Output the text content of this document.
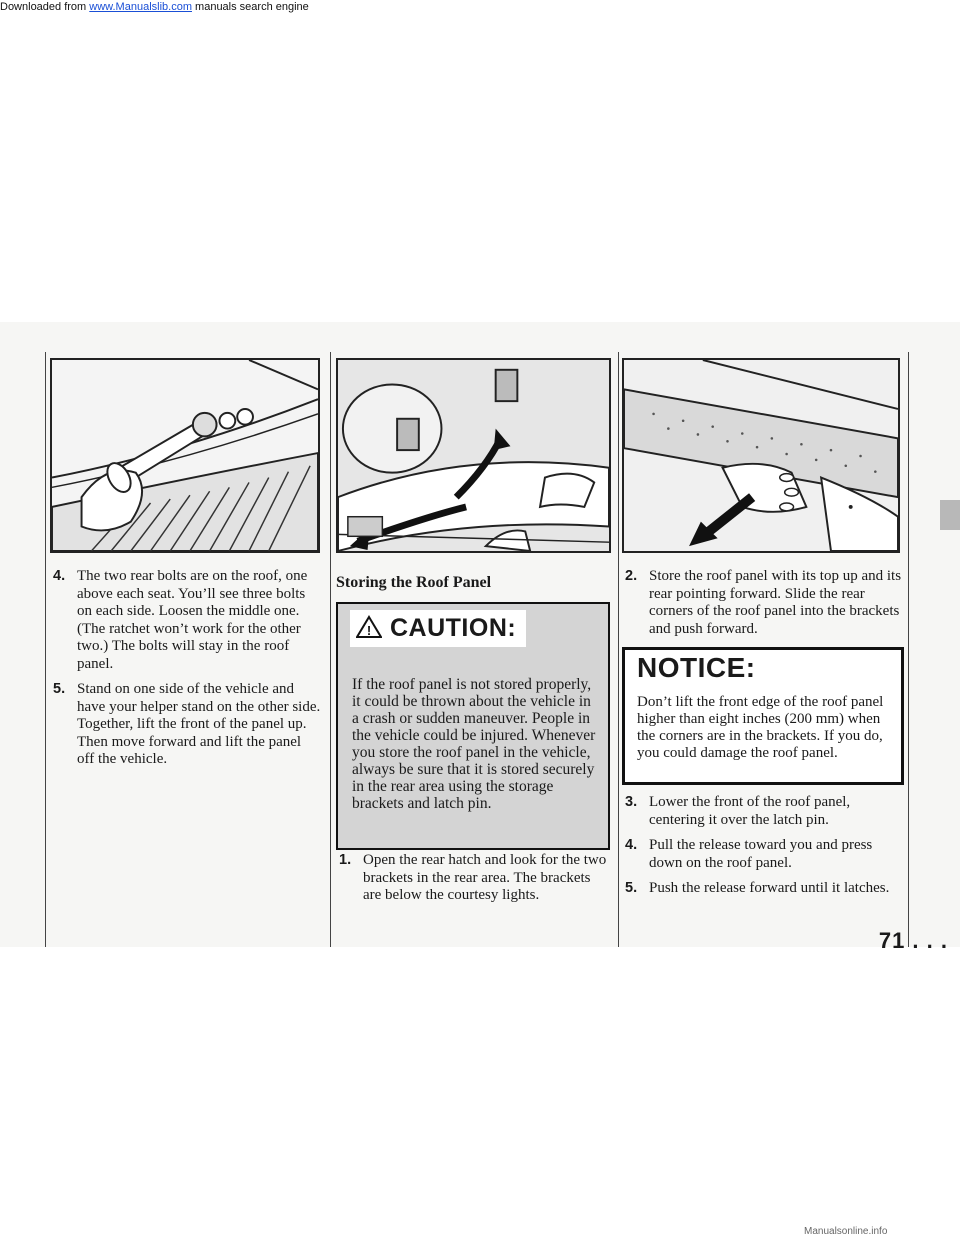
Downloaded from www.Manualslib.com manuals search engine
4. The two rear bolts are on the roof, one above each seat. You’ll see three bolts on each side. Loosen the middle one. (The ratchet won’t work for the other two.) The bolts will stay in the roof panel.
5. Stand on one side of the vehicle and have your helper stand on the other side. Together, lift the front of the panel up. Then move forward and lift the panel off the vehicle.
Storing the Roof Panel
! CAUTION:
If the roof panel is not stored properly, it could be thrown about the vehicle in a crash or sudden maneuver. People in the vehicle could be injured. Whenever you store the roof panel in the vehicle, always be sure that it is stored securely in the rear area using the storage brackets and latch pin.
1. Open the rear hatch and look for the two brackets in the rear area. The brackets are below the courtesy lights.
2. Store the roof panel with its top up and its rear pointing forward. Slide the rear corners of the roof panel into the brackets and push forward.
NOTICE:
Don’t lift the front edge of the roof panel higher than eight inches (200 mm) when the corners are in the brackets. If you do, you could damage the roof panel.
3. Lower the front of the roof panel, centering it over the latch pin.
4. Pull the release toward you and press down on the roof panel.
5. Push the release forward until it latches.
71 . . .
Manualsonline.info
